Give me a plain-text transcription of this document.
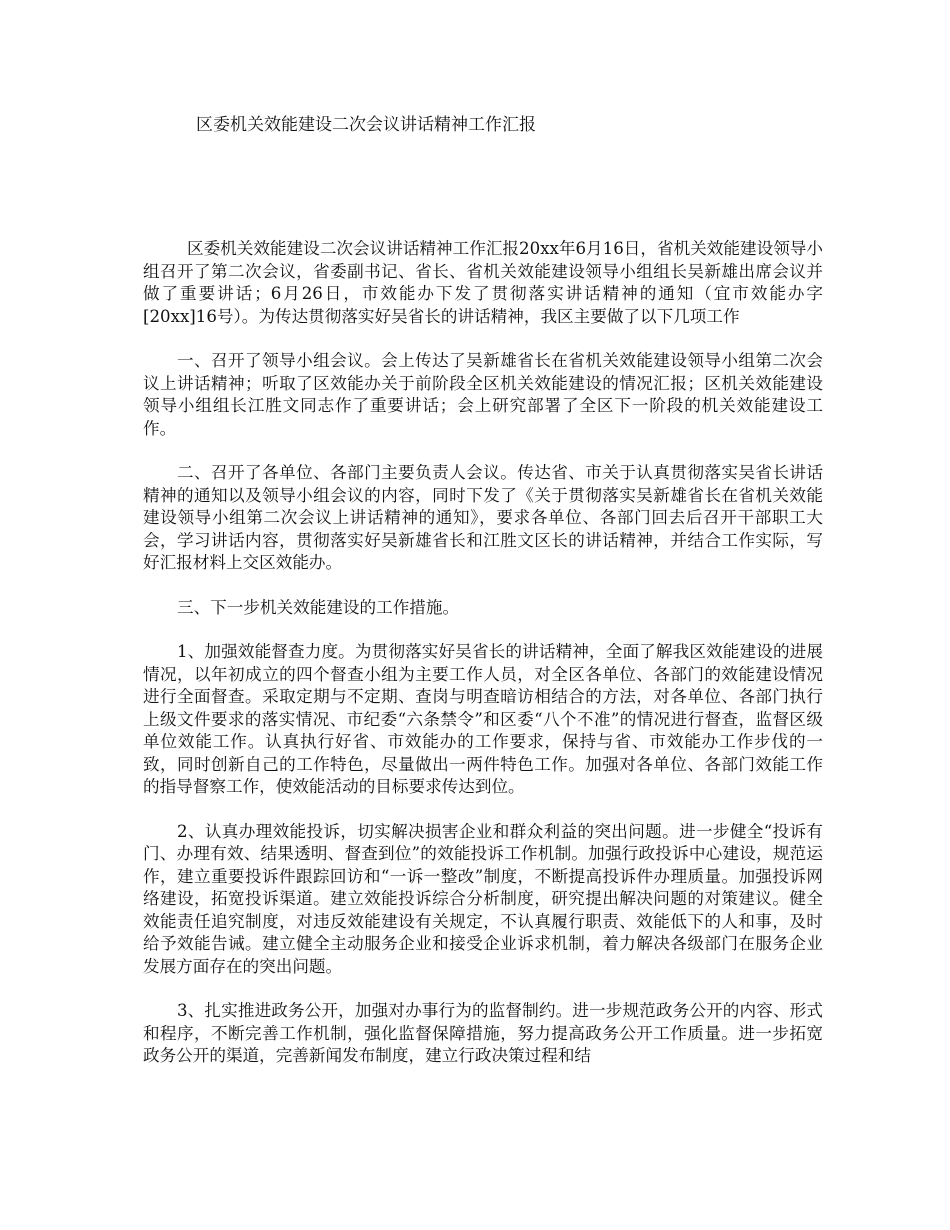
区委机关效能建设二次会议讲话精神工作汇报

区委机关效能建设二次会议讲话精神工作汇报20xx年6月16日，省机关效能建设领导小组召开了第二次会议，省委副书记、省长、省机关效能建设领导小组组长吴新雄出席会议并做了重要讲话；6月26日，市效能办下发了贯彻落实讲话精神的通知（宜市效能办字[20xx]16号）。为传达贯彻落实好吴省长的讲话精神，我区主要做了以下几项工作

一、召开了领导小组会议。会上传达了吴新雄省长在省机关效能建设领导小组第二次会议上讲话精神；听取了区效能办关于前阶段全区机关效能建设的情况汇报；区机关效能建设领导小组组长江胜文同志作了重要讲话；会上研究部署了全区下一阶段的机关效能建设工作。

二、召开了各单位、各部门主要负责人会议。传达省、市关于认真贯彻落实吴省长讲话精神的通知以及领导小组会议的内容，同时下发了《关于贯彻落实吴新雄省长在省机关效能建设领导小组第二次会议上讲话精神的通知》，要求各单位、各部门回去后召开干部职工大会，学习讲话内容，贯彻落实好吴新雄省长和江胜文区长的讲话精神，并结合工作实际，写好汇报材料上交区效能办。

三、下一步机关效能建设的工作措施。

1、加强效能督查力度。为贯彻落实好吴省长的讲话精神，全面了解我区效能建设的进展情况，以年初成立的四个督查小组为主要工作人员，对全区各单位、各部门的效能建设情况进行全面督查。采取定期与不定期、查岗与明查暗访相结合的方法，对各单位、各部门执行上级文件要求的落实情况、市纪委“六条禁令”和区委“八个不准”的情况进行督查，监督区级单位效能工作。认真执行好省、市效能办的工作要求，保持与省、市效能办工作步伐的一致，同时创新自己的工作特色，尽量做出一两件特色工作。加强对各单位、各部门效能工作的指导督察工作，使效能活动的目标要求传达到位。

2、认真办理效能投诉，切实解决损害企业和群众利益的突出问题。进一步健全“投诉有门、办理有效、结果透明、督查到位”的效能投诉工作机制。加强行政投诉中心建设，规范运作，建立重要投诉件跟踪回访和“一诉一整改”制度，不断提高投诉件办理质量。加强投诉网络建设，拓宽投诉渠道。建立效能投诉综合分析制度，研究提出解决问题的对策建议。健全效能责任追究制度，对违反效能建设有关规定，不认真履行职责、效能低下的人和事，及时给予效能告诫。建立健全主动服务企业和接受企业诉求机制，着力解决各级部门在服务企业发展方面存在的突出问题。

3、扎实推进政务公开，加强对办事行为的监督制约。进一步规范政务公开的内容、形式和程序，不断完善工作机制，强化监督保障措施，努力提高政务公开工作质量。进一步拓宽政务公开的渠道，完善新闻发布制度，建立行政决策过程和结
